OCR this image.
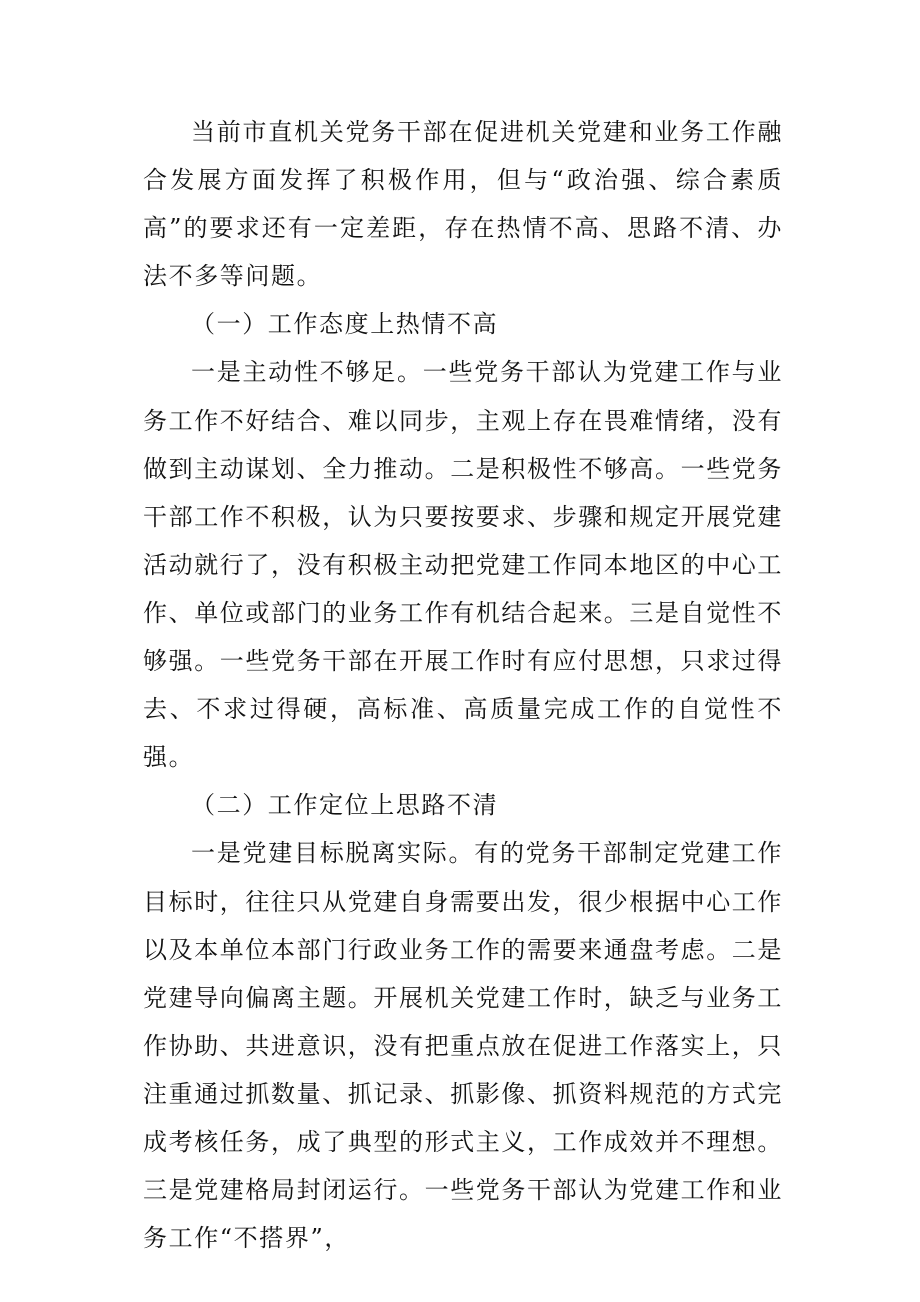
当前市直机关党务干部在促进机关党建和业务工作融合发展方面发挥了积极作用，但与“政治强、综合素质高”的要求还有一定差距，存在热情不高、思路不清、办法不多等问题。

（一）工作态度上热情不高

一是主动性不够足。一些党务干部认为党建工作与业务工作不好结合、难以同步，主观上存在畏难情绪，没有做到主动谋划、全力推动。二是积极性不够高。一些党务干部工作不积极，认为只要按要求、步骤和规定开展党建活动就行了，没有积极主动把党建工作同本地区的中心工作、单位或部门的业务工作有机结合起来。三是自觉性不够强。一些党务干部在开展工作时有应付思想，只求过得去、不求过得硬，高标准、高质量完成工作的自觉性不强。

（二）工作定位上思路不清

一是党建目标脱离实际。有的党务干部制定党建工作目标时，往往只从党建自身需要出发，很少根据中心工作以及本单位本部门行政业务工作的需要来通盘考虑。二是党建导向偏离主题。开展机关党建工作时，缺乏与业务工作协助、共进意识，没有把重点放在促进工作落实上，只注重通过抓数量、抓记录、抓影像、抓资料规范的方式完成考核任务，成了典型的形式主义，工作成效并不理想。三是党建格局封闭运行。一些党务干部认为党建工作和业务工作“不搭界”，
